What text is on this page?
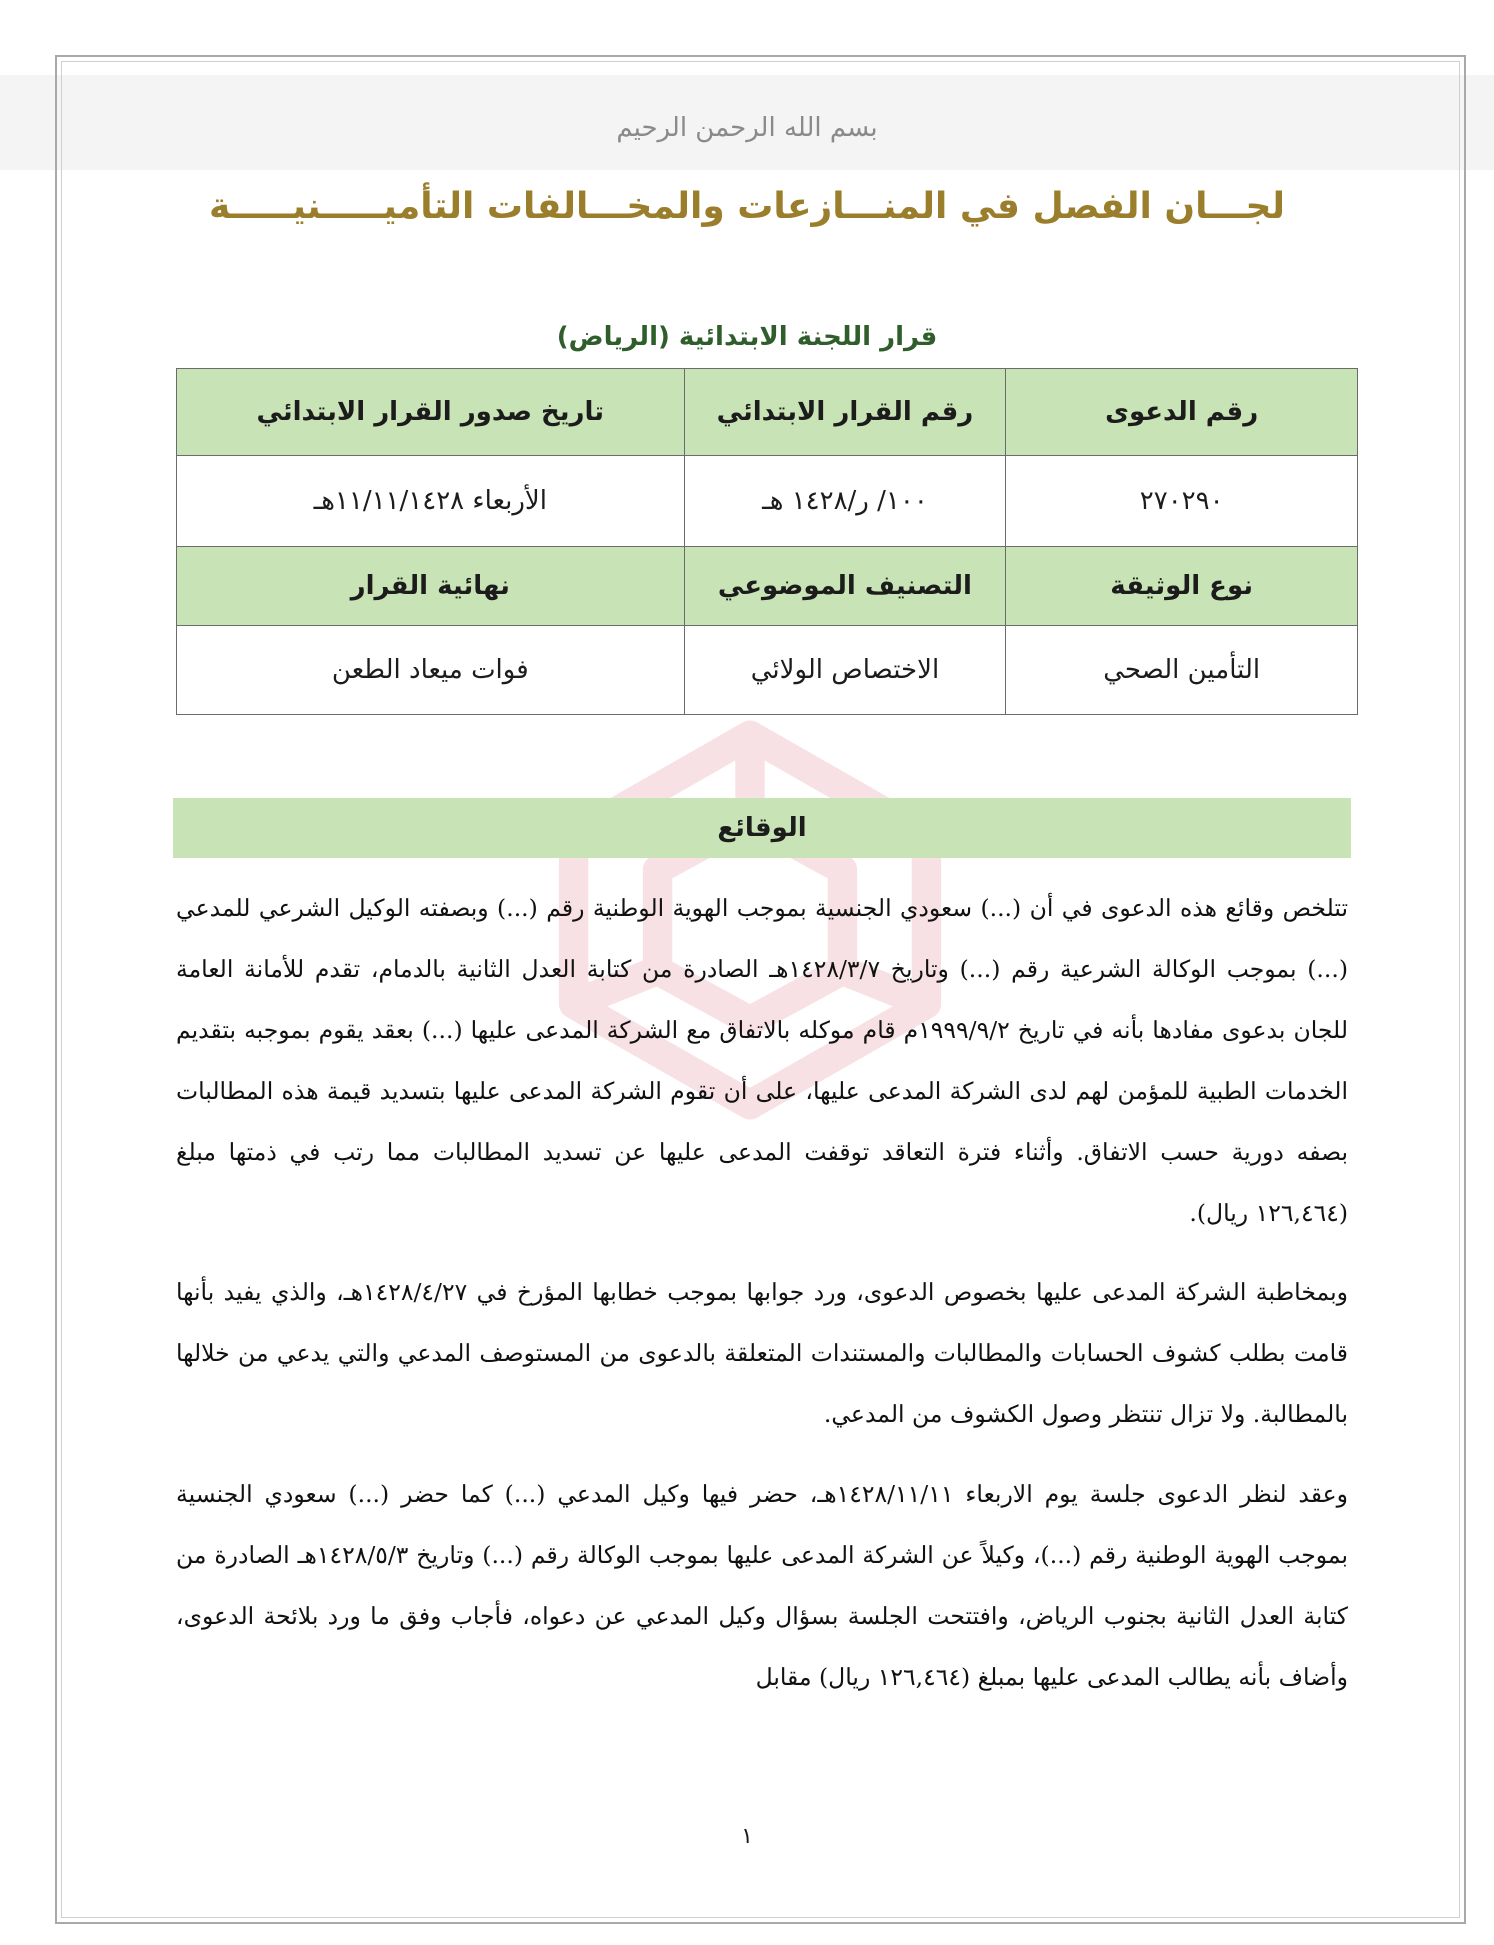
بسم الله الرحمن الرحيم
لجـــان الفصل في المنـــازعات والمخـــالفات التأميـــــنيـــــة
قرار اللجنة الابتدائية (الرياض)
رقم الدعوى	رقم القرار الابتدائي	تاريخ صدور القرار الابتدائي
٢٧٠٢٩٠	١٠٠/ ر/١٤٢٨ هـ	الأربعاء ١١/١١/١٤٢٨هـ
نوع الوثيقة	التصنيف الموضوعي	نهائية القرار
التأمين الصحي	الاختصاص الولائي	فوات ميعاد الطعن
الوقائع

تتلخص وقائع هذه الدعوى في أن (...) سعودي الجنسية بموجب الهوية الوطنية رقم (...) وبصفته الوكيل الشرعي للمدعي (...) بموجب الوكالة الشرعية رقم (...) وتاريخ ١٤٢٨/٣/٧هـ الصادرة من كتابة العدل الثانية بالدمام، تقدم للأمانة العامة للجان بدعوى مفادها بأنه في تاريخ ١٩٩٩/٩/٢م قام موكله بالاتفاق مع الشركة المدعى عليها (...) بعقد يقوم بموجبه بتقديم الخدمات الطبية للمؤمن لهم لدى الشركة المدعى عليها، على أن تقوم الشركة المدعى عليها بتسديد قيمة هذه المطالبات بصفه دورية حسب الاتفاق. وأثناء فترة التعاقد توقفت المدعى عليها عن تسديد المطالبات مما رتب في ذمتها مبلغ (١٢٦,٤٦٤ ريال).

وبمخاطبة الشركة المدعى عليها بخصوص الدعوى، ورد جوابها بموجب خطابها المؤرخ في ١٤٢٨/٤/٢٧هـ، والذي يفيد بأنها قامت بطلب كشوف الحسابات والمطالبات والمستندات المتعلقة بالدعوى من المستوصف المدعي والتي يدعي من خلالها بالمطالبة. ولا تزال تنتظر وصول الكشوف من المدعي.

وعقد لنظر الدعوى جلسة يوم الاربعاء ١٤٢٨/١١/١١هـ، حضر فيها وكيل المدعي (...) كما حضر (...) سعودي الجنسية بموجب الهوية الوطنية رقم (...)، وكيلاً عن الشركة المدعى عليها بموجب الوكالة رقم (...) وتاريخ ١٤٢٨/٥/٣هـ الصادرة من كتابة العدل الثانية بجنوب الرياض، وافتتحت الجلسة بسؤال وكيل المدعي عن دعواه، فأجاب وفق ما ورد بلائحة الدعوى، وأضاف بأنه يطالب المدعى عليها بمبلغ (١٢٦,٤٦٤ ريال) مقابل

١
